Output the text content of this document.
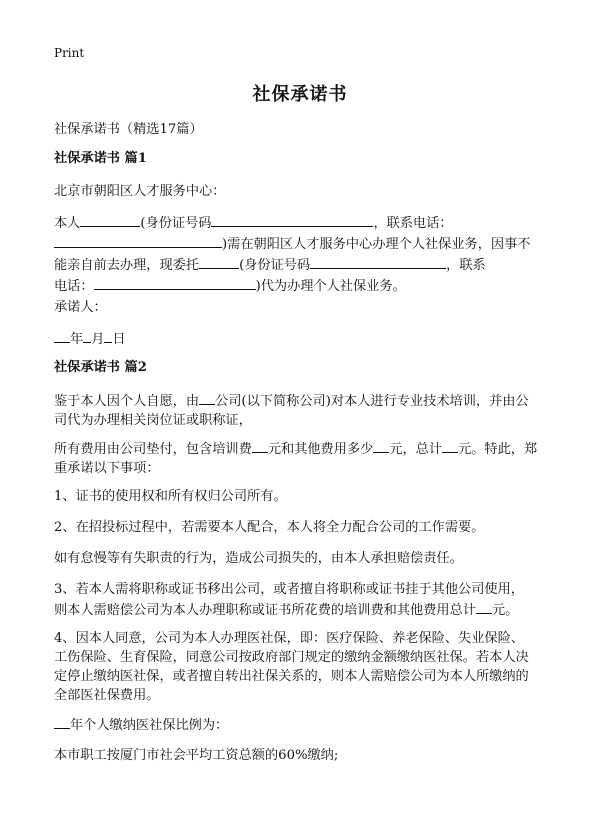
Print
社保承诺书
社保承诺书（精选17篇）
社保承诺书 篇1
北京市朝阳区人才服务中心：
本人	(身份证号码	，联系电话：
)需在朝阳区人才服务中心办理个人社保业务，因事不
能亲自前去办理，现委托	(身份证号码	，联系
电话：	)代为办理个人社保业务。
承诺人：
年 月 日
社保承诺书 篇2
鉴于本人因个人自愿，由 公司(以下简称公司)对本人进行专业技术培训，并由公
司代为办理相关岗位证或职称证，
所有费用由公司垫付，包含培训费 元和其他费用多少 元，总计 元。特此，郑
重承诺以下事项：
1、证书的使用权和所有权归公司所有。
2、在招投标过程中，若需要本人配合，本人将全力配合公司的工作需要。
如有怠慢等有失职责的行为，造成公司损失的，由本人承担赔偿责任。
3、若本人需将职称或证书移出公司，或者擅自将职称或证书挂于其他公司使用，
则本人需赔偿公司为本人办理职称或证书所花费的培训费和其他费用总计 元。
4、因本人同意，公司为本人办理医社保，即：医疗保险、养老保险、失业保险、
工伤保险、生育保险，同意公司按政府部门规定的缴纳金额缴纳医社保。若本人决
定停止缴纳医社保，或者擅自转出社保关系的，则本人需赔偿公司为本人所缴纳的
全部医社保费用。
年个人缴纳医社保比例为：
本市职工按厦门市社会平均工资总额的60%缴纳;
